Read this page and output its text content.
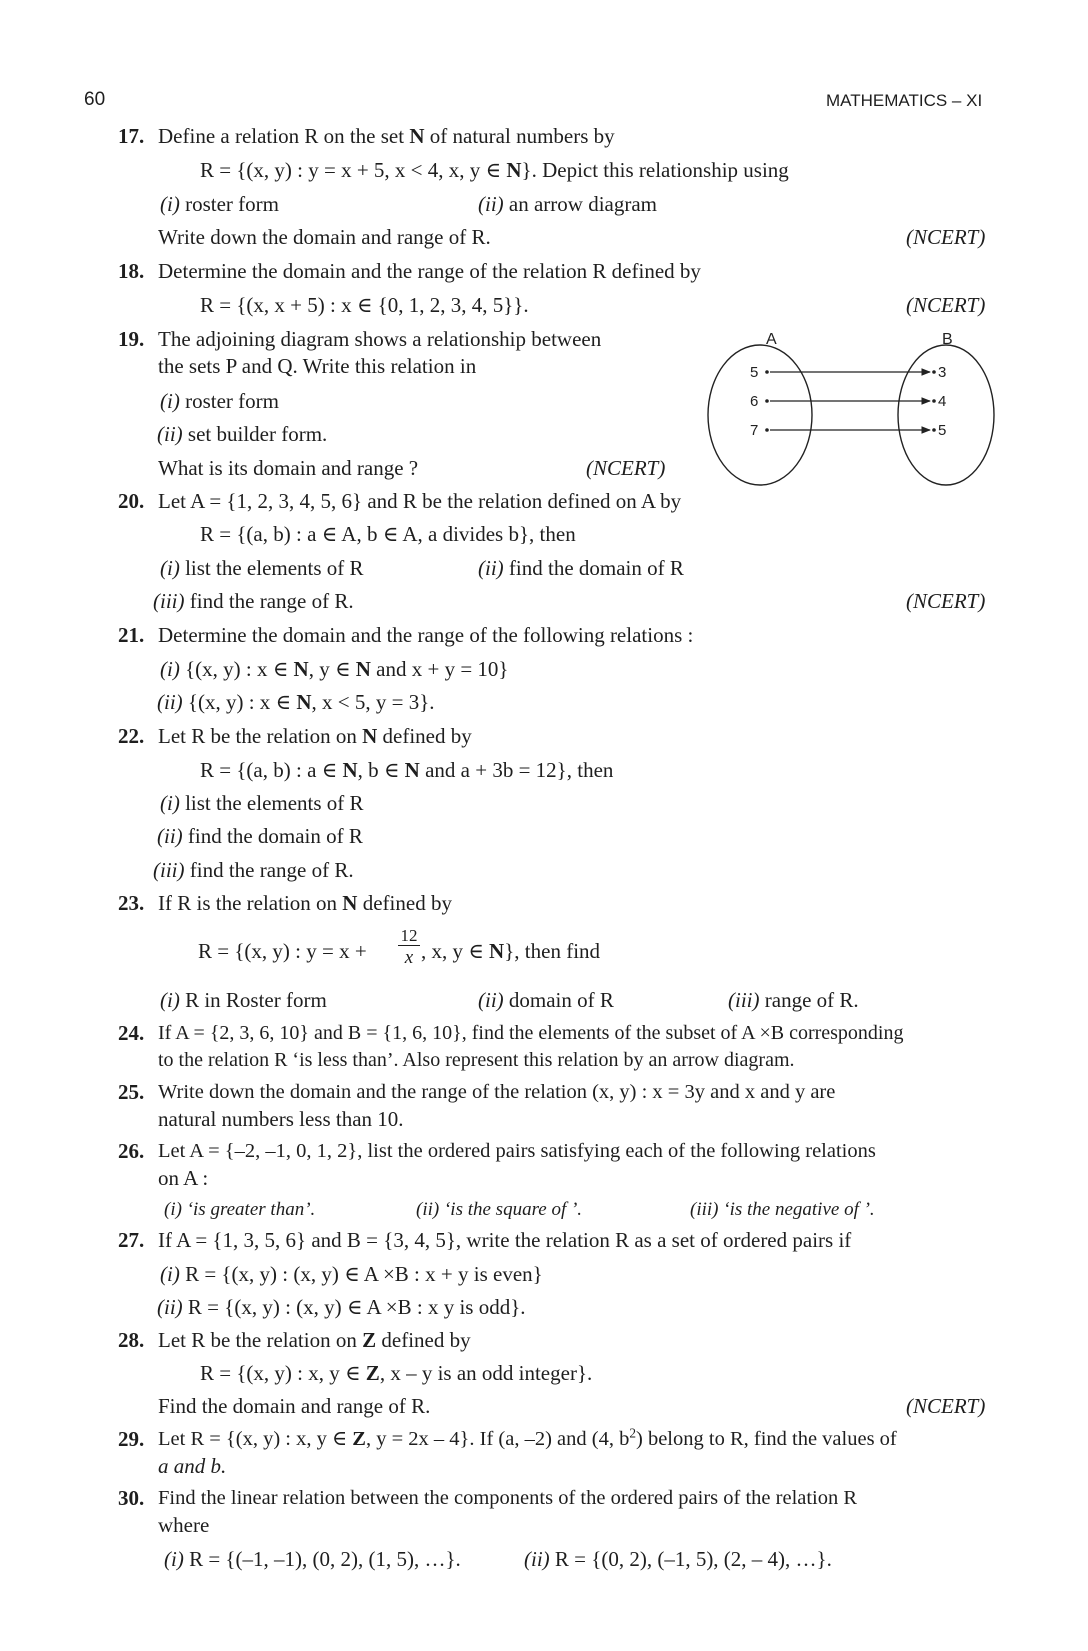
60	MATHEMATICS – XI
17. Define a relation R on the set N of natural numbers by
R = {(x, y) : y = x + 5, x < 4, x, y ∈ N}. Depict this relationship using
(i) roster form	(ii) an arrow diagram
Write down the domain and range of R.	(NCERT)
18. Determine the domain and the range of the relation R defined by
R = {(x, x + 5) : x ∈ {0, 1, 2, 3, 4, 5}}.	(NCERT)
19. The adjoining diagram shows a relationship between
the sets P and Q. Write this relation in
(i) roster form
(ii) set builder form.
What is its domain and range ?	(NCERT)
A	B
5
6
7
3
4
5
20. Let A = {1, 2, 3, 4, 5, 6} and R be the relation defined on A by
R = {(a, b) : a ∈ A, b ∈ A, a divides b}, then
(i) list the elements of R	(ii) find the domain of R
(iii) find the range of R.	(NCERT)
21. Determine the domain and the range of the following relations :
(i) {(x, y) : x ∈ N, y ∈ N and x + y = 10}
(ii) {(x, y) : x ∈ N, x < 5, y = 3}.
22. Let R be the relation on N defined by
R = {(a, b) : a ∈ N, b ∈ N and a + 3b = 12}, then
(i) list the elements of R
(ii) find the domain of R
(iii) find the range of R.
23. If R is the relation on N defined by
R = {(x, y) : y = x +
12
x , x, y ∈ N}, then find
(i) R in Roster form	(ii) domain of R	(iii) range of R.
24. If A = {2, 3, 6, 10} and B = {1, 6, 10}, find the elements of the subset of A ×B corresponding
to the relation R ‘is less than’. Also represent this relation by an arrow diagram.
25. Write down the domain and the range of the relation (x, y) : x = 3y and x and y are
natural numbers less than 10.
26. Let A = {–2, –1, 0, 1, 2}, list the ordered pairs satisfying each of the following relations
on A :
(i) ‘is greater than’.	(ii) ‘is the square of ’.	(iii) ‘is the negative of ’.
27. If A = {1, 3, 5, 6} and B = {3, 4, 5}, write the relation R as a set of ordered pairs if
(i) R = {(x, y) : (x, y) ∈ A ×B : x + y is even}
(ii) R = {(x, y) : (x, y) ∈ A ×B : x y is odd}.
28. Let R be the relation on Z defined by
R = {(x, y) : x, y ∈ Z, x – y is an odd integer}.
Find the domain and range of R.	(NCERT)
29. Let R = {(x, y) : x, y ∈ Z, y = 2x – 4}. If (a, –2) and (4, $b^2$) belong to R, find the values of
a and b.
30. Find the linear relation between the components of the ordered pairs of the relation R
where
(i) R = {(–1, –1), (0, 2), (1, 5), …}.	(ii) R = {(0, 2), (–1, 5), (2, – 4), …}.
